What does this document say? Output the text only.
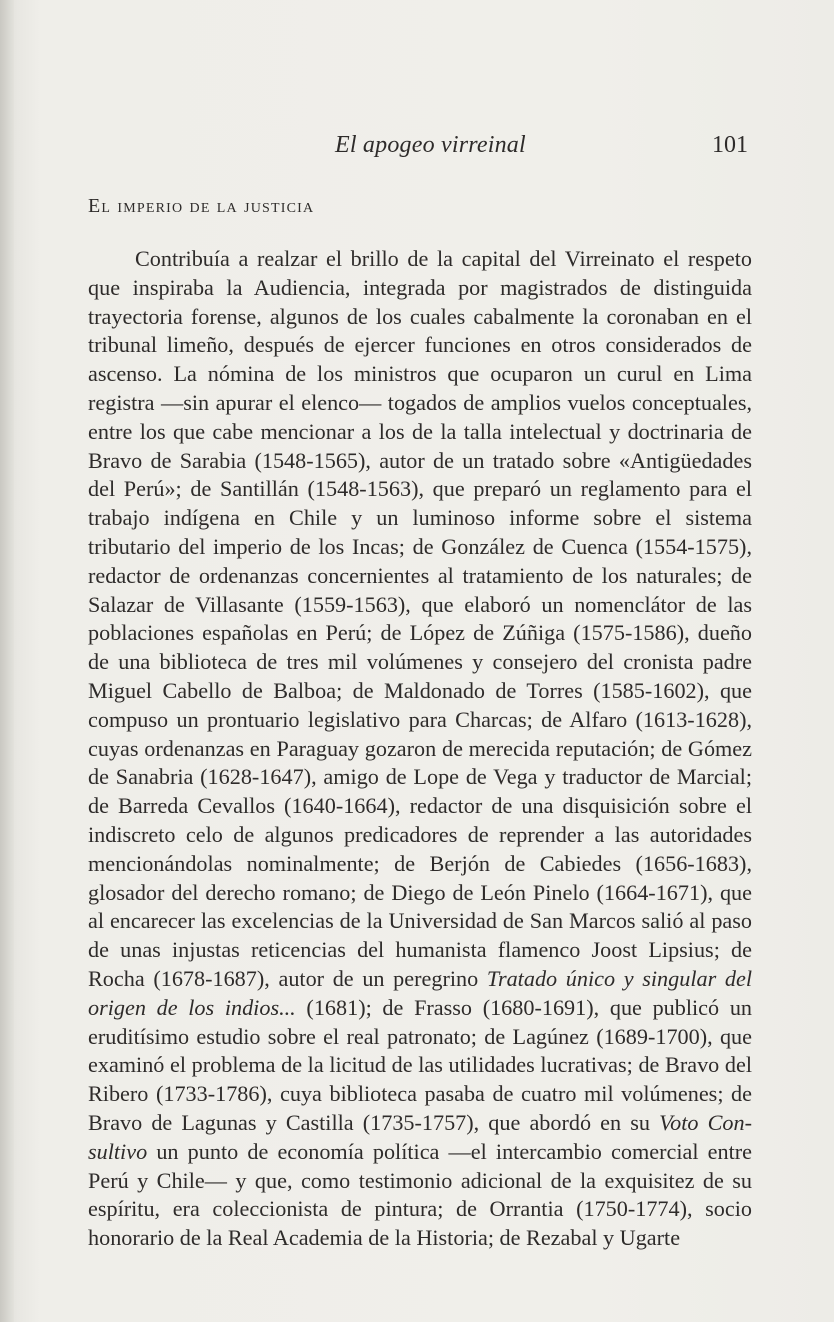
El apogeo virreinal	101
El imperio de la justicia

Contribuía a realzar el brillo de la capital del Virreinato el respeto que inspiraba la Audiencia, integrada por magistrados de distinguida trayectoria forense, algunos de los cuales cabalmente la coronaban en el tribunal limeño, después de ejercer funciones en otros considerados de ascenso. La nómina de los ministros que ocuparon un curul en Lima registra —sin apurar el elenco— togados de amplios vuelos conceptuales, entre los que cabe mencionar a los de la talla intelectual y doctrinaria de Bravo de Sarabia (1548-1565), autor de un tratado sobre «Antigüedades del Perú»; de Santillán (1548-1563), que preparó un reglamento para el trabajo indígena en Chile y un luminoso informe sobre el sistema tributario del imperio de los Incas; de González de Cuenca (1554-1575), redactor de ordenanzas concernientes al tratamiento de los naturales; de Salazar de Villasante (1559-1563), que elaboró un nomenclátor de las poblaciones españolas en Perú; de López de Zúñiga (1575-1586), dueño de una biblioteca de tres mil volúmenes y consejero del cronista padre Miguel Cabello de Balboa; de Maldonado de Torres (1585-1602), que compuso un prontuario legislativo para Charcas; de Alfaro (1613-1628), cuyas ordenanzas en Paraguay gozaron de merecida reputación; de Gómez de Sanabria (1628-1647), amigo de Lope de Vega y traductor de Marcial; de Barreda Cevallos (1640-1664), redactor de una disquisición sobre el indiscreto celo de algunos predicadores de reprender a las autoridades mencionándolas nominalmente; de Berjón de Cabiedes (1656-1683), glosador del derecho romano; de Diego de León Pinelo (1664-1671), que al encarecer las excelencias de la Universidad de San Marcos salió al paso de unas injustas reticencias del humanista flamenco Joost Lipsius; de Rocha (1678-1687), autor de un peregrino Tratado único y singular del origen de los indios... (1681); de Frasso (1680-1691), que publicó un eruditísimo estudio sobre el real patronato; de Lagúnez (1689-1700), que examinó el problema de la licitud de las utilidades lucrativas; de Bravo del Ribero (1733-1786), cuya biblioteca pasaba de cuatro mil volúmenes; de Bravo de Lagunas y Castilla (1735-1757), que abordó en su Voto Consultivo un punto de economía política —el intercambio comercial entre Perú y Chile— y que, como testimonio adicional de la exquisitez de su espíritu, era coleccionista de pintura; de Orrantia (1750-1774), socio honorario de la Real Academia de la Historia; de Rezabal y Ugarte
